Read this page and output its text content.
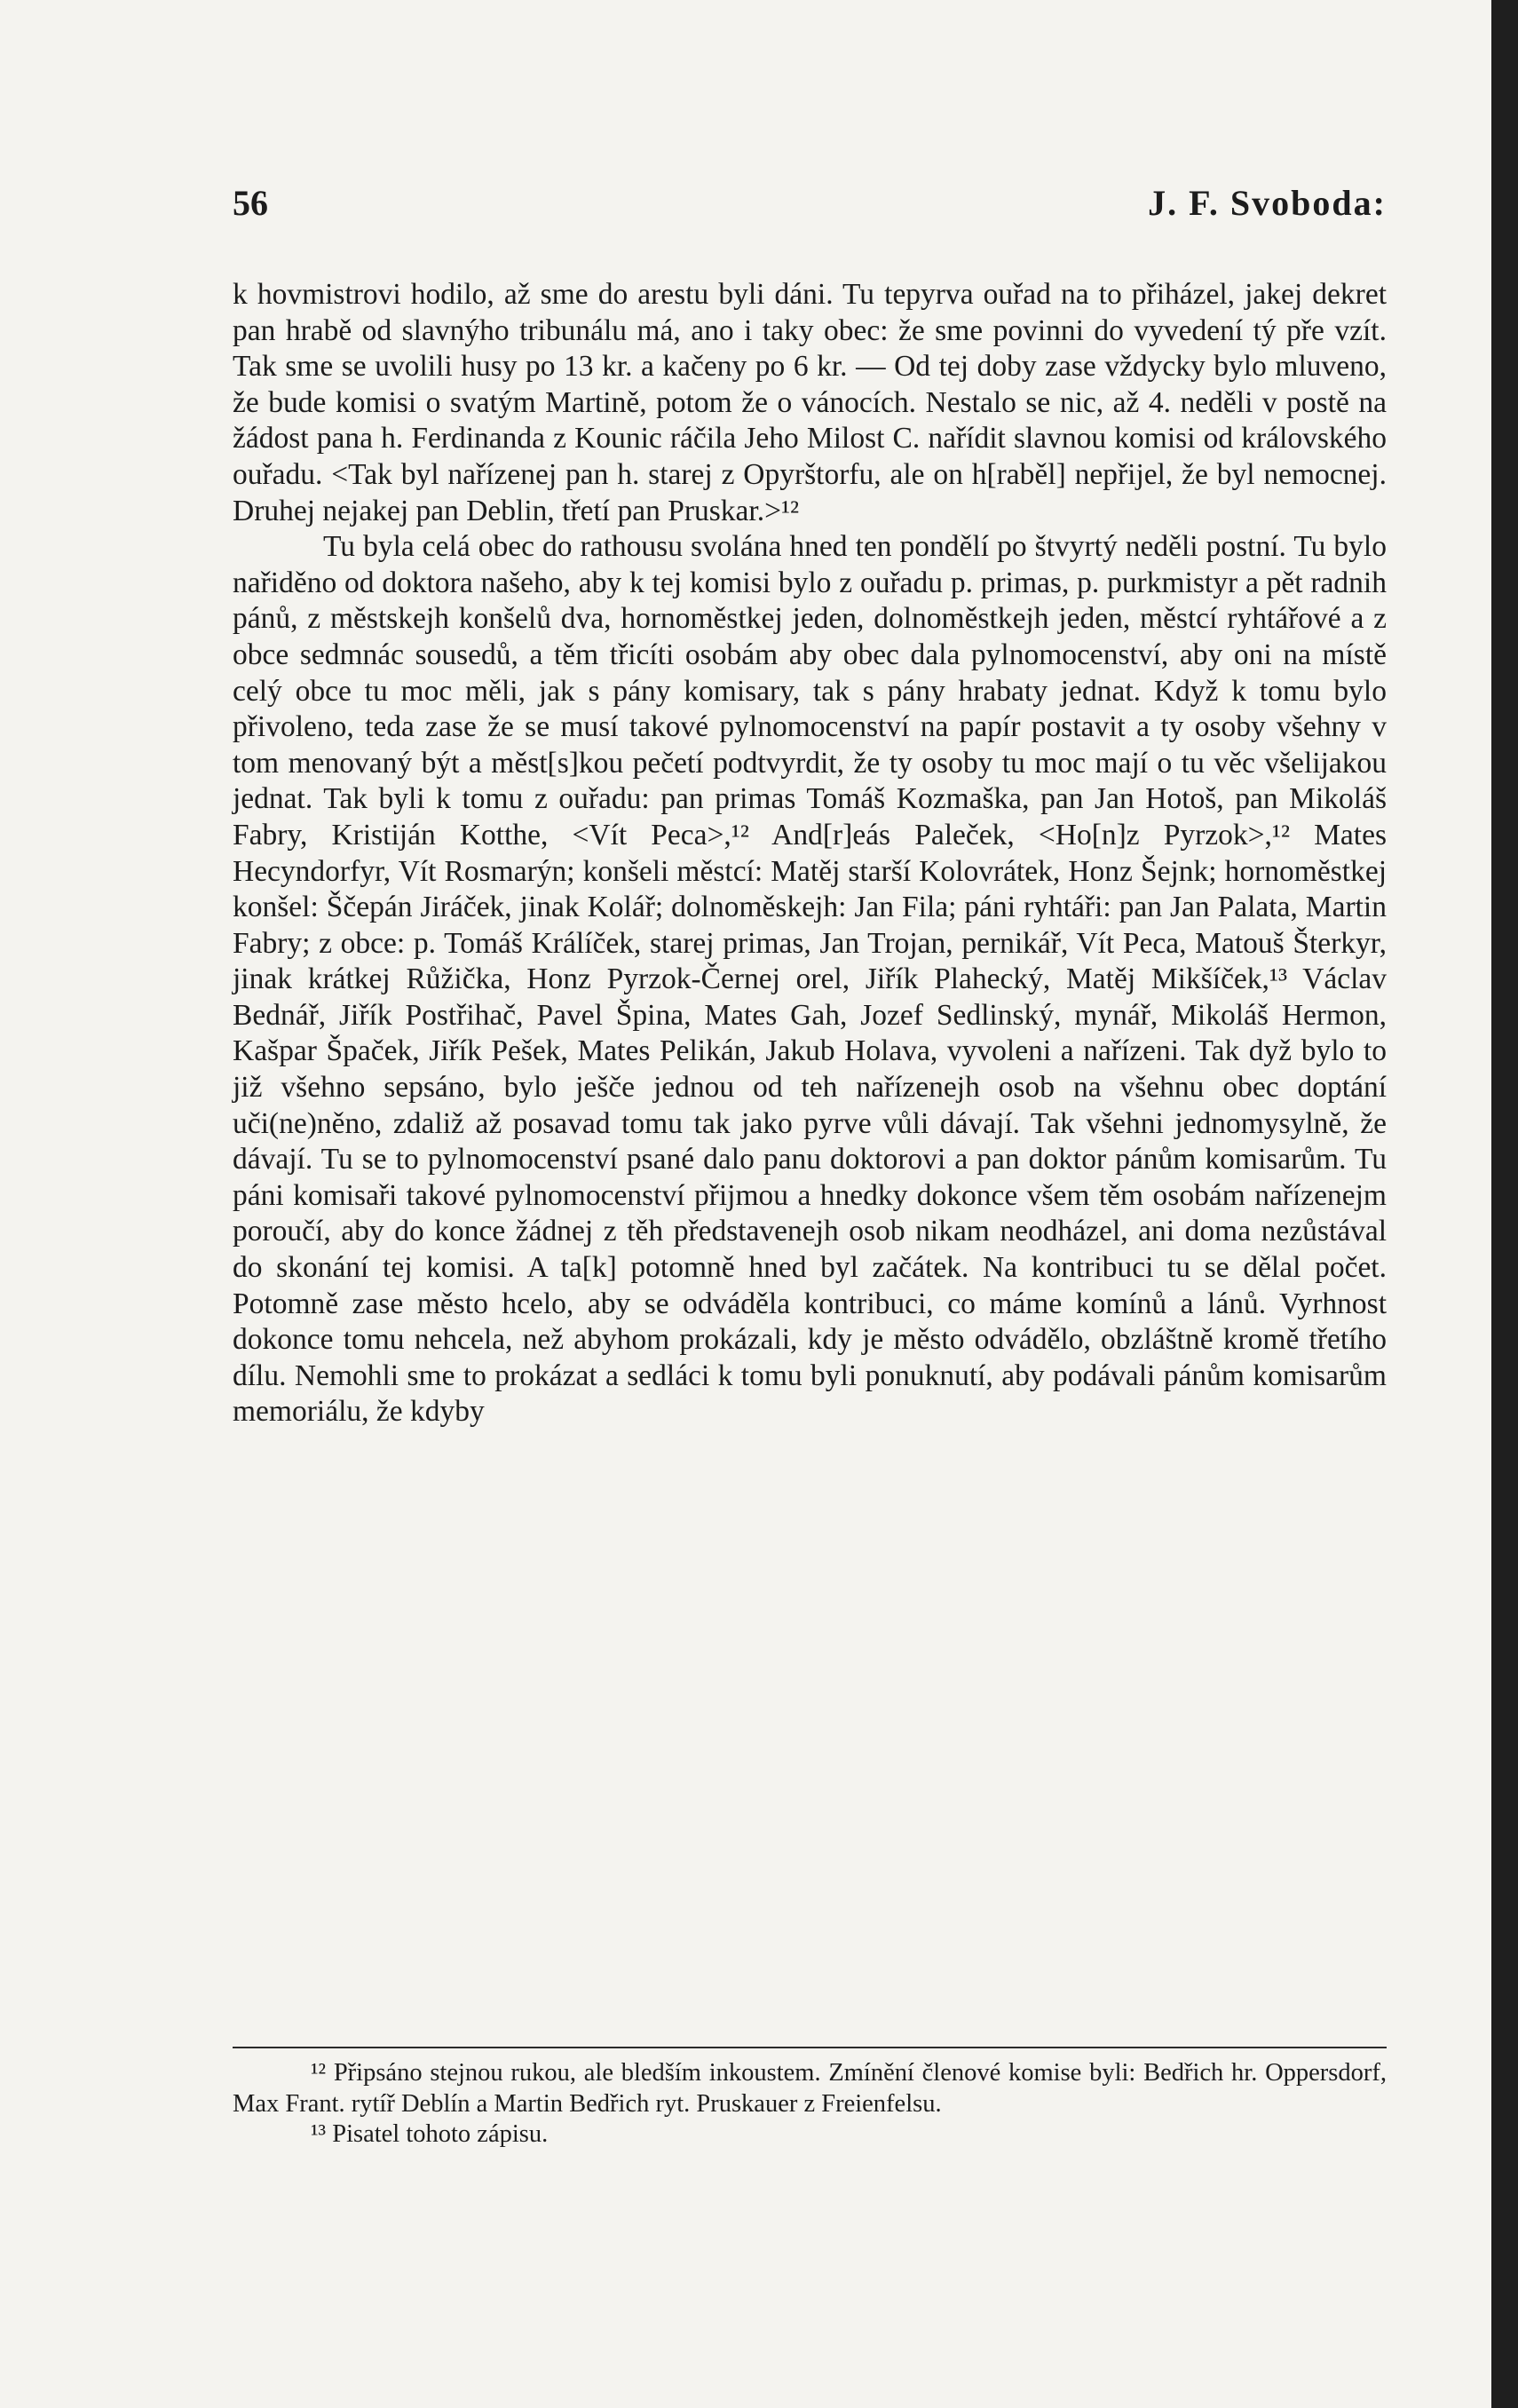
56	J. F. Svoboda:

k hovmistrovi hodilo, až sme do arestu byli dáni. Tu tepyrva ouřad na to přiházel, jakej dekret pan hrabě od slavnýho tribunálu má, ano i taky obec: že sme povinni do vyvedení tý pře vzít. Tak sme se uvolili husy po 13 kr. a kačeny po 6 kr. — Od tej doby zase vždycky bylo mluveno, že bude komisi o svatým Martině, potom že o vánocích. Nestalo se nic, až 4. neděli v postě na žádost pana h. Ferdinanda z Kounic ráčila Jeho Milost C. nařídit slavnou komisi od královského ouřadu. <Tak byl nařízenej pan h. starej z Opyrštorfu, ale on h[raběl] nepřijel, že byl nemocnej. Druhej nejakej pan Deblin, třetí pan Pruskar.>¹²

Tu byla celá obec do rathousu svolána hned ten pondělí po štvyrtý neděli postní. Tu bylo nařiděno od doktora našeho, aby k tej komisi bylo z ouřadu p. primas, p. purkmistyr a pět radnih pánů, z městskejh konšelů dva, hornoměstkej jeden, dolnoměstkejh jeden, městcí ryhtářové a z obce sedmnác sousedů, a těm třicíti osobám aby obec dala pylnomocenství, aby oni na místě celý obce tu moc měli, jak s pány komisary, tak s pány hrabaty jednat. Když k tomu bylo přivoleno, teda zase že se musí takové pylnomocenství na papír postavit a ty osoby všehny v tom menovaný být a měst[s]kou pečetí podtvyrdit, že ty osoby tu moc mají o tu věc všelijakou jednat. Tak byli k tomu z ouřadu: pan primas Tomáš Kozmaška, pan Jan Hotoš, pan Mikoláš Fabry, Kristiján Kotthe, <Vít Peca>,¹² And[r]eás Paleček, <Ho[n]z Pyrzok>,¹² Mates Hecyndorfyr, Vít Rosmarýn; konšeli městcí: Matěj starší Kolovrátek, Honz Šejnk; hornoměstkej konšel: Ščepán Jiráček, jinak Kolář; dolnoměskejh: Jan Fila; páni ryhtáři: pan Jan Palata, Martin Fabry; z obce: p. Tomáš Králíček, starej primas, Jan Trojan, pernikář, Vít Peca, Matouš Šterkyr, jinak krátkej Růžička, Honz Pyrzok-Černej orel, Jiřík Plahecký, Matěj Mikšíček,¹³ Václav Bednář, Jiřík Postřihač, Pavel Špina, Mates Gah, Jozef Sedlinský, mynář, Mikoláš Hermon, Kašpar Špaček, Jiřík Pešek, Mates Pelikán, Jakub Holava, vyvoleni a nařízeni. Tak dyž bylo to již všehno sepsáno, bylo ješče jednou od teh nařízenejh osob na všehnu obec doptání uči(ne)něno, zdaliž až posavad tomu tak jako pyrve vůli dávají. Tak všehni jednomysylně, že dávají. Tu se to pylnomocenství psané dalo panu doktorovi a pan doktor pánům komisarům. Tu páni komisaři takové pylnomocenství přijmou a hnedky dokonce všem těm osobám nařízenejm poroučí, aby do konce žádnej z těh představenejh osob nikam neodházel, ani doma nezůstával do skonání tej komisi. A ta[k] potomně hned byl začátek. Na kontribuci tu se dělal počet. Potomně zase město hcelo, aby se odváděla kontribuci, co máme komínů a lánů. Vyrhnost dokonce tomu nehcela, než abyhom prokázali, kdy je město odvádělo, obzláštně kromě třetího dílu. Nemohli sme to prokázat a sedláci k tomu byli ponuknutí, aby podávali pánům komisarům memoriálu, že kdyby

¹² Připsáno stejnou rukou, ale bledším inkoustem. Zmínění členové komise byli: Bedřich hr. Oppersdorf, Max Frant. rytíř Deblín a Martin Bedřich ryt. Pruskauer z Freienfelsu.

¹³ Pisatel tohoto zápisu.
